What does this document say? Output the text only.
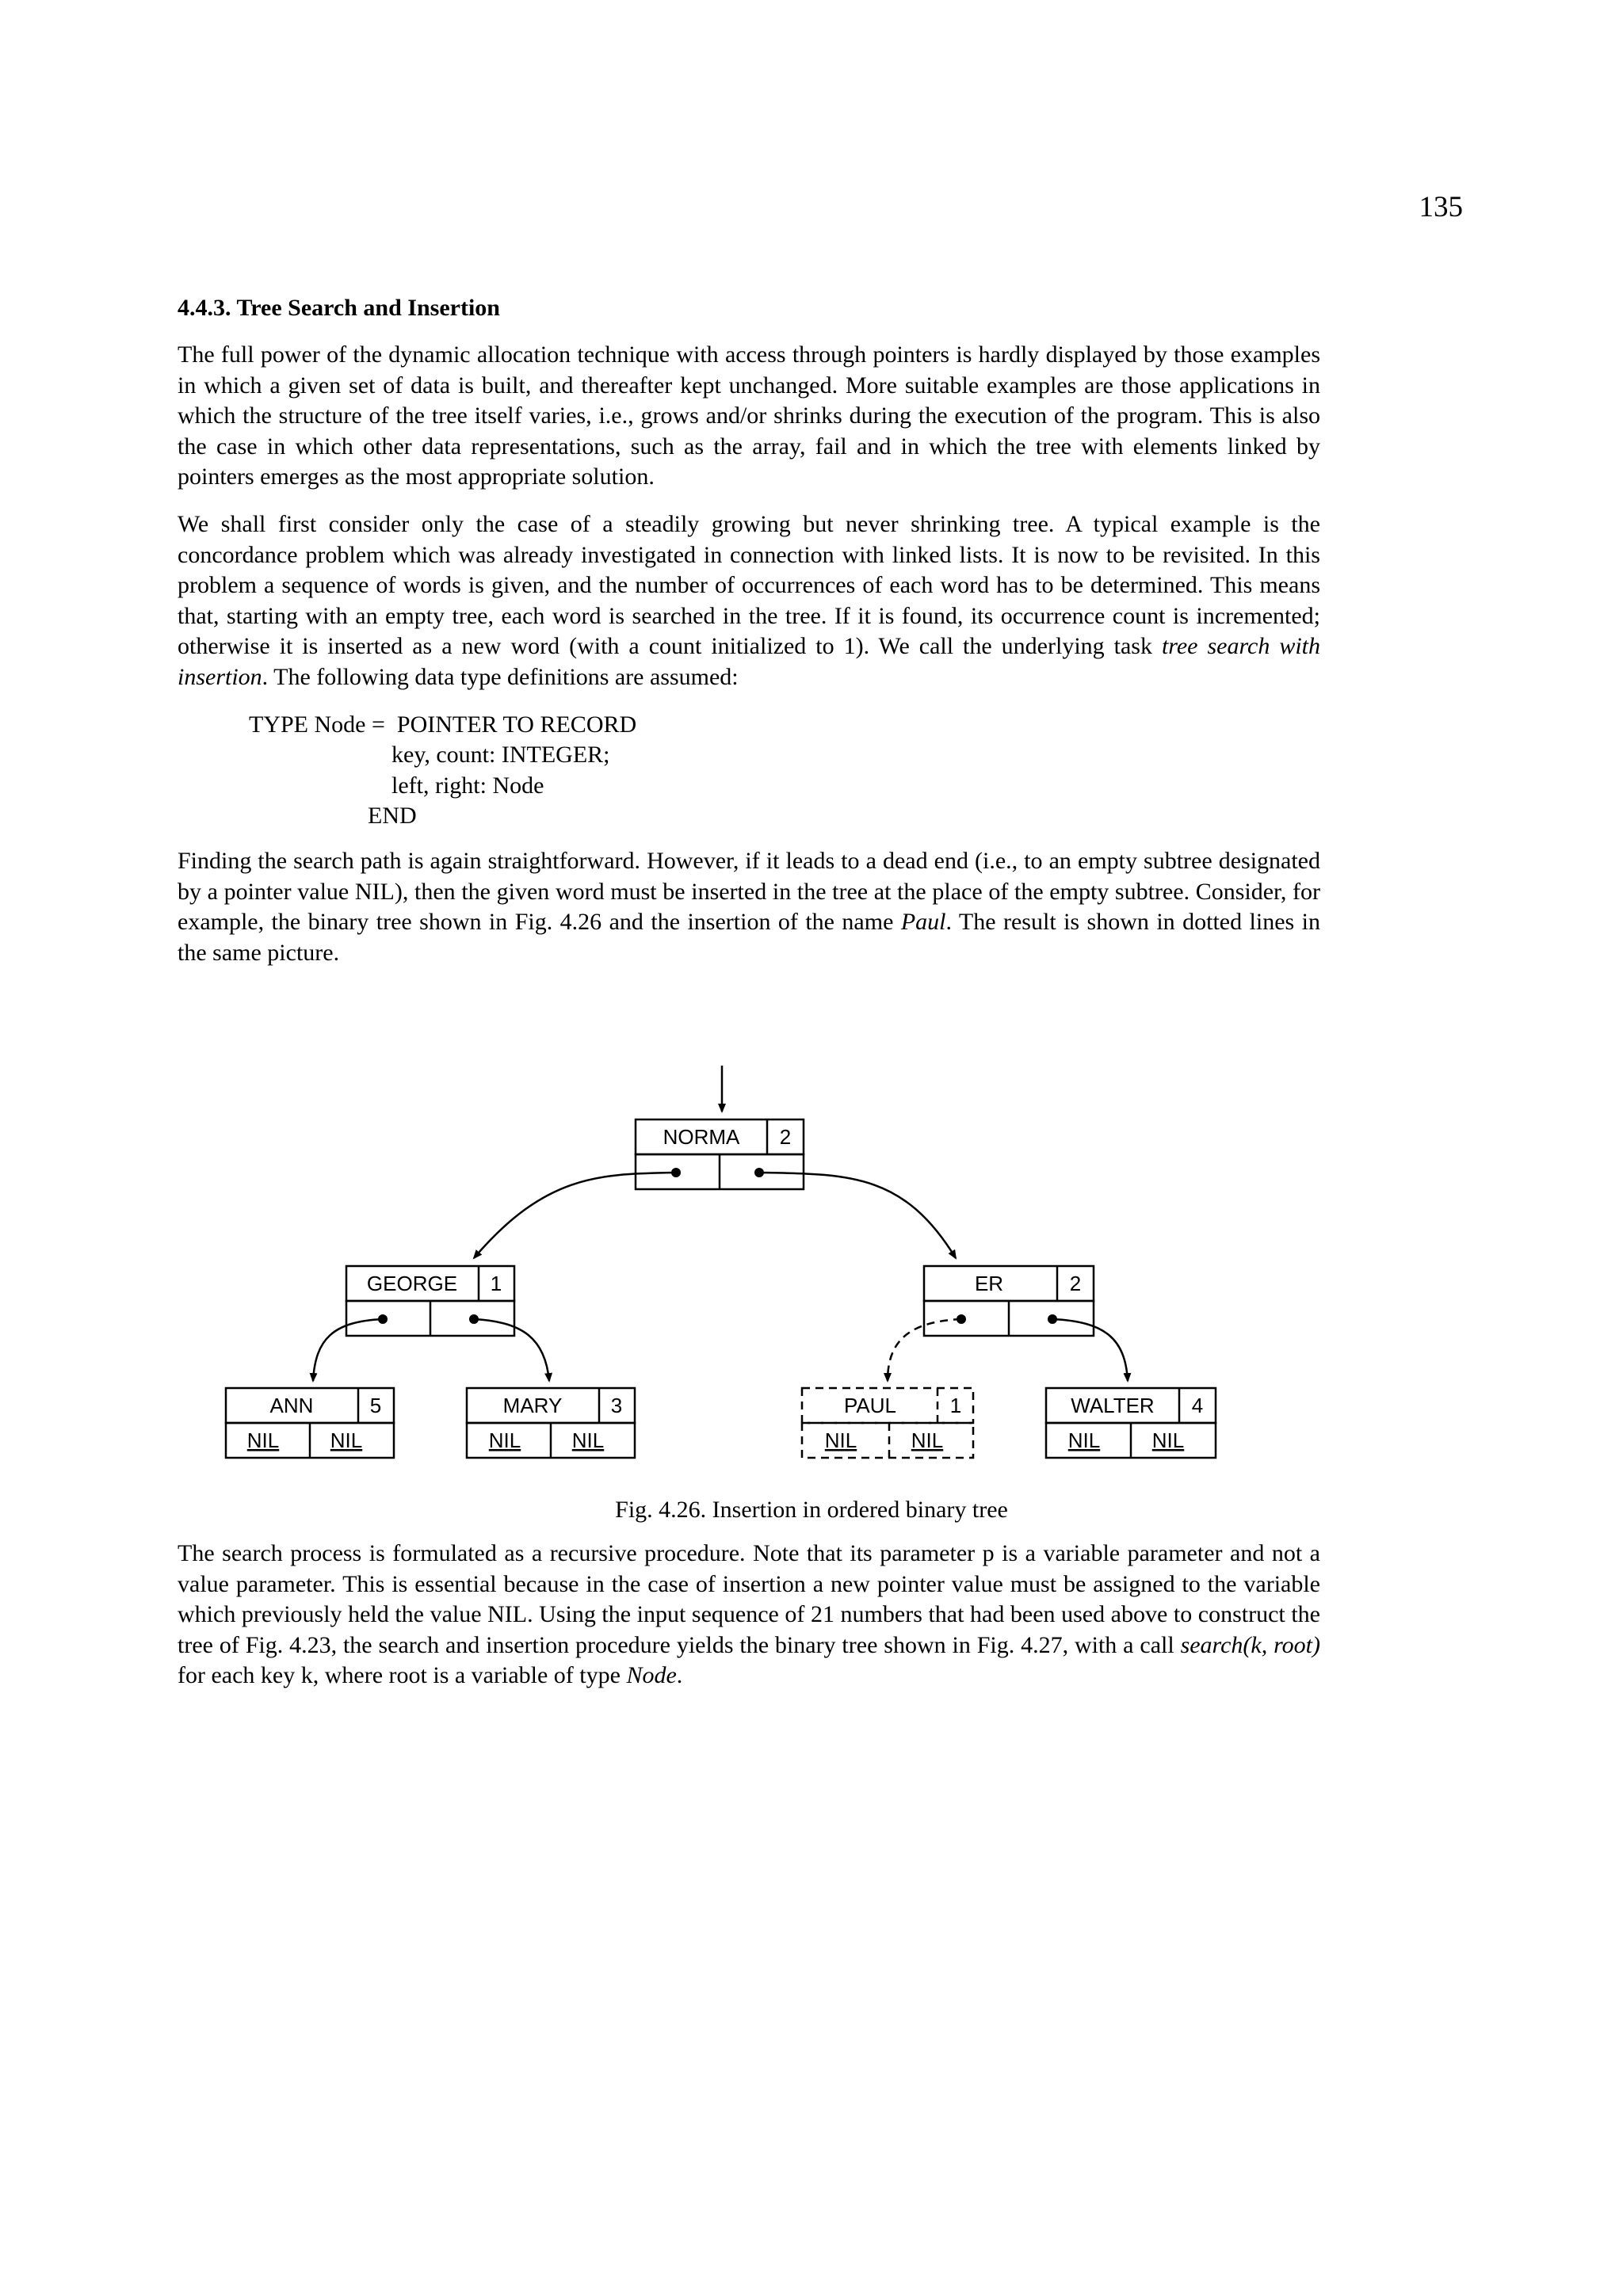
135
4.4.3. Tree Search and Insertion

The full power of the dynamic allocation technique with access through pointers is hardly displayed by those examples in which a given set of data is built, and thereafter kept unchanged. More suitable examples are those applications in which the structure of the tree itself varies, i.e., grows and/or shrinks during the execution of the program. This is also the case in which other data representations, such as the array, fail and in which the tree with elements linked by pointers emerges as the most appropriate solution.

We shall first consider only the case of a steadily growing but never shrinking tree. A typical example is the concordance problem which was already investigated in connection with linked lists. It is now to be revisited. In this problem a sequence of words is given, and the number of occurrences of each word has to be determined. This means that, starting with an empty tree, each word is searched in the tree. If it is found, its occurrence count is incremented; otherwise it is inserted as a new word (with a count initialized to 1). We call the underlying task tree search with insertion. The following data type definitions are assumed:

TYPE Node =  POINTER TO RECORD
key, count: INTEGER;
left, right: Node
END

Finding the search path is again straightforward. However, if it leads to a dead end (i.e., to an empty subtree designated by a pointer value NIL), then the given word must be inserted in the tree at the place of the empty subtree. Consider, for example, the binary tree shown in Fig. 4.26 and the insertion of the name Paul. The result is shown in dotted lines in the same picture.

NORMA 2
GEORGE 1	ER	2
ANN	5
NIL NIL
MARY 3
NIL NIL
PAUL	1
NIL	NIL
WALTER 4
NIL	NIL
Fig. 4.26. Insertion in ordered binary tree

The search process is formulated as a recursive procedure. Note that its parameter p is a variable parameter and not a value parameter. This is essential because in the case of insertion a new pointer value must be assigned to the variable which previously held the value NIL. Using the input sequence of 21 numbers that had been used above to construct the tree of Fig. 4.23, the search and insertion procedure yields the binary tree shown in Fig. 4.27, with a call search(k, root) for each key k, where root is a variable of type Node.
